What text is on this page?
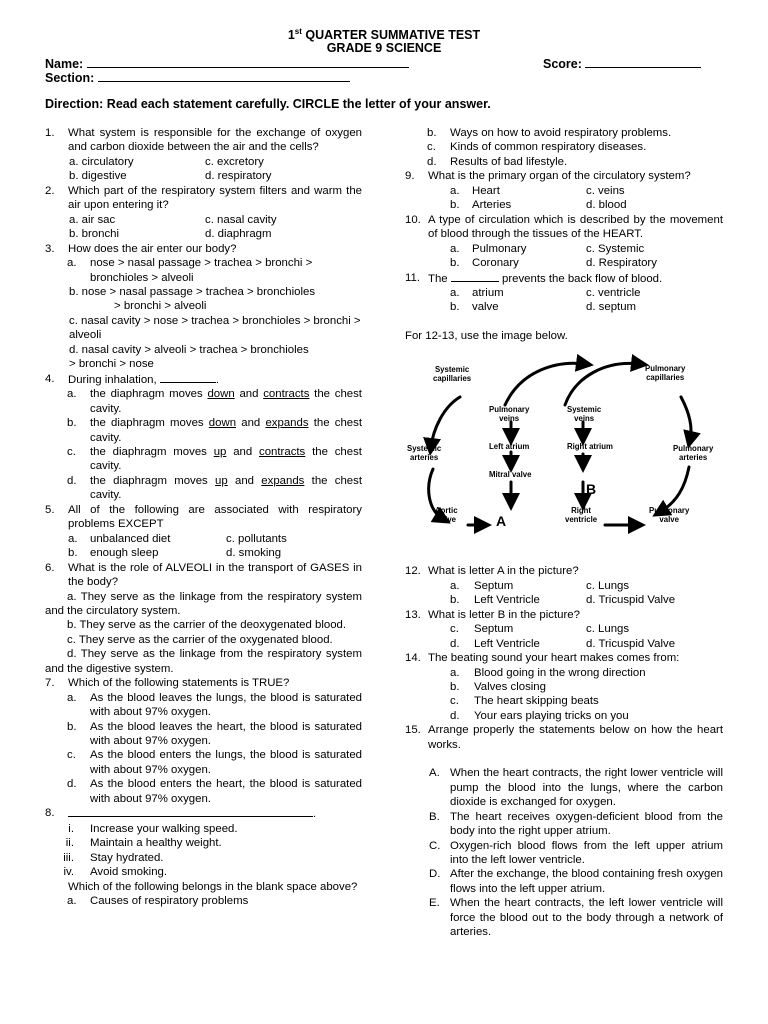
1st QUARTER SUMMATIVE TEST
GRADE 9 SCIENCE
Name:	Score:
Section:
Direction: Read each statement carefully. CIRCLE the letter of your answer.
1. What system is responsible for the exchange of oxygen and carbon dioxide between the air and the cells?
a. circulatory	c. excretory
b. digestive	d. respiratory
2. Which part of the respiratory system filters and warm the air upon entering it?
a. air sac	c. nasal cavity
b. bronchi	d. diaphragm
3. How does the air enter our body?
a. nose > nasal passage > trachea > bronchi > bronchioles > alveoli
b. nose > nasal passage > trachea > bronchioles
> bronchi > alveoli
c. nasal cavity > nose > trachea > bronchioles > bronchi > alveoli
d. nasal cavity > alveoli > trachea > bronchioles
> bronchi > nose
4. During inhalation,	.
a. the diaphragm moves down and contracts the chest cavity.
b. the diaphragm moves down and expands the chest cavity.
c. the diaphragm moves up and contracts the chest cavity.
d. the diaphragm moves up and expands the chest cavity.
5. All of the following are associated with respiratory problems EXCEPT
a.	unbalanced diet	c. pollutants
b.	enough sleep	d. smoking
6. What is the role of ALVEOLI in the transport of GASES in the body?
a. They serve as the linkage from the respiratory system and the circulatory system.
b. They serve as the carrier of the deoxygenated blood.
c. They serve as the carrier of the oxygenated blood.
d. They serve as the linkage from the respiratory system and the digestive system.
7. Which of the following statements is TRUE?
a. As the blood leaves the lungs, the blood is saturated with about 97% oxygen.
b. As the blood leaves the heart, the blood is saturated with about 97% oxygen.
c. As the blood enters the lungs, the blood is saturated with about 97% oxygen.
d. As the blood enters the heart, the blood is saturated with about 97% oxygen.
8.	.
i. Increase your walking speed.
ii. Maintain a healthy weight.
iii. Stay hydrated.
iv. Avoid smoking.
Which of the following belongs in the blank space above?
a. Causes of respiratory problems
b. Ways on how to avoid respiratory problems.
c. Kinds of common respiratory diseases.
d. Results of bad lifestyle.
9. What is the primary organ of the circulatory system?
a.	Heart	c. veins
b.	Arteries	d. blood
10. A type of circulation which is described by the movement of blood through the tissues of the HEART.
a.	Pulmonary	c. Systemic
b.	Coronary	d. Respiratory
11. The	prevents the back flow of blood.
a.	atrium	c. ventricle
b.	valve	d. septum
For 12-13, use the image below.
Systemic
capillaries
Pulmonary
capillaries
Pulmonary
veins
Systemic
veins
Systemic
arteries
Pulmonary
arteries
Left atrium	Right atrium
Mitral valve
Aortic
valve
Right
ventricle
Pulmonary
valve
A
B
12. What is letter A in the picture?
a.	Septum	c. Lungs
b.	Left Ventricle	d. Tricuspid Valve
13. What is letter B in the picture?
c.	Septum	c. Lungs
d.	Left Ventricle	d. Tricuspid Valve
14. The beating sound your heart makes comes from:
a. Blood going in the wrong direction
b. Valves closing
c. The heart skipping beats
d. Your ears playing tricks on you
15. Arrange properly the statements below on how the heart works.
A. When the heart contracts, the right lower ventricle will pump the blood into the lungs, where the carbon dioxide is exchanged for oxygen.
B. The heart receives oxygen-deficient blood from the body into the right upper atrium.
C. Oxygen-rich blood flows from the left upper atrium into the left lower ventricle.
D. After the exchange, the blood containing fresh oxygen flows into the left upper atrium.
E. When the heart contracts, the left lower ventricle will force the blood out to the body through a network of arteries.
